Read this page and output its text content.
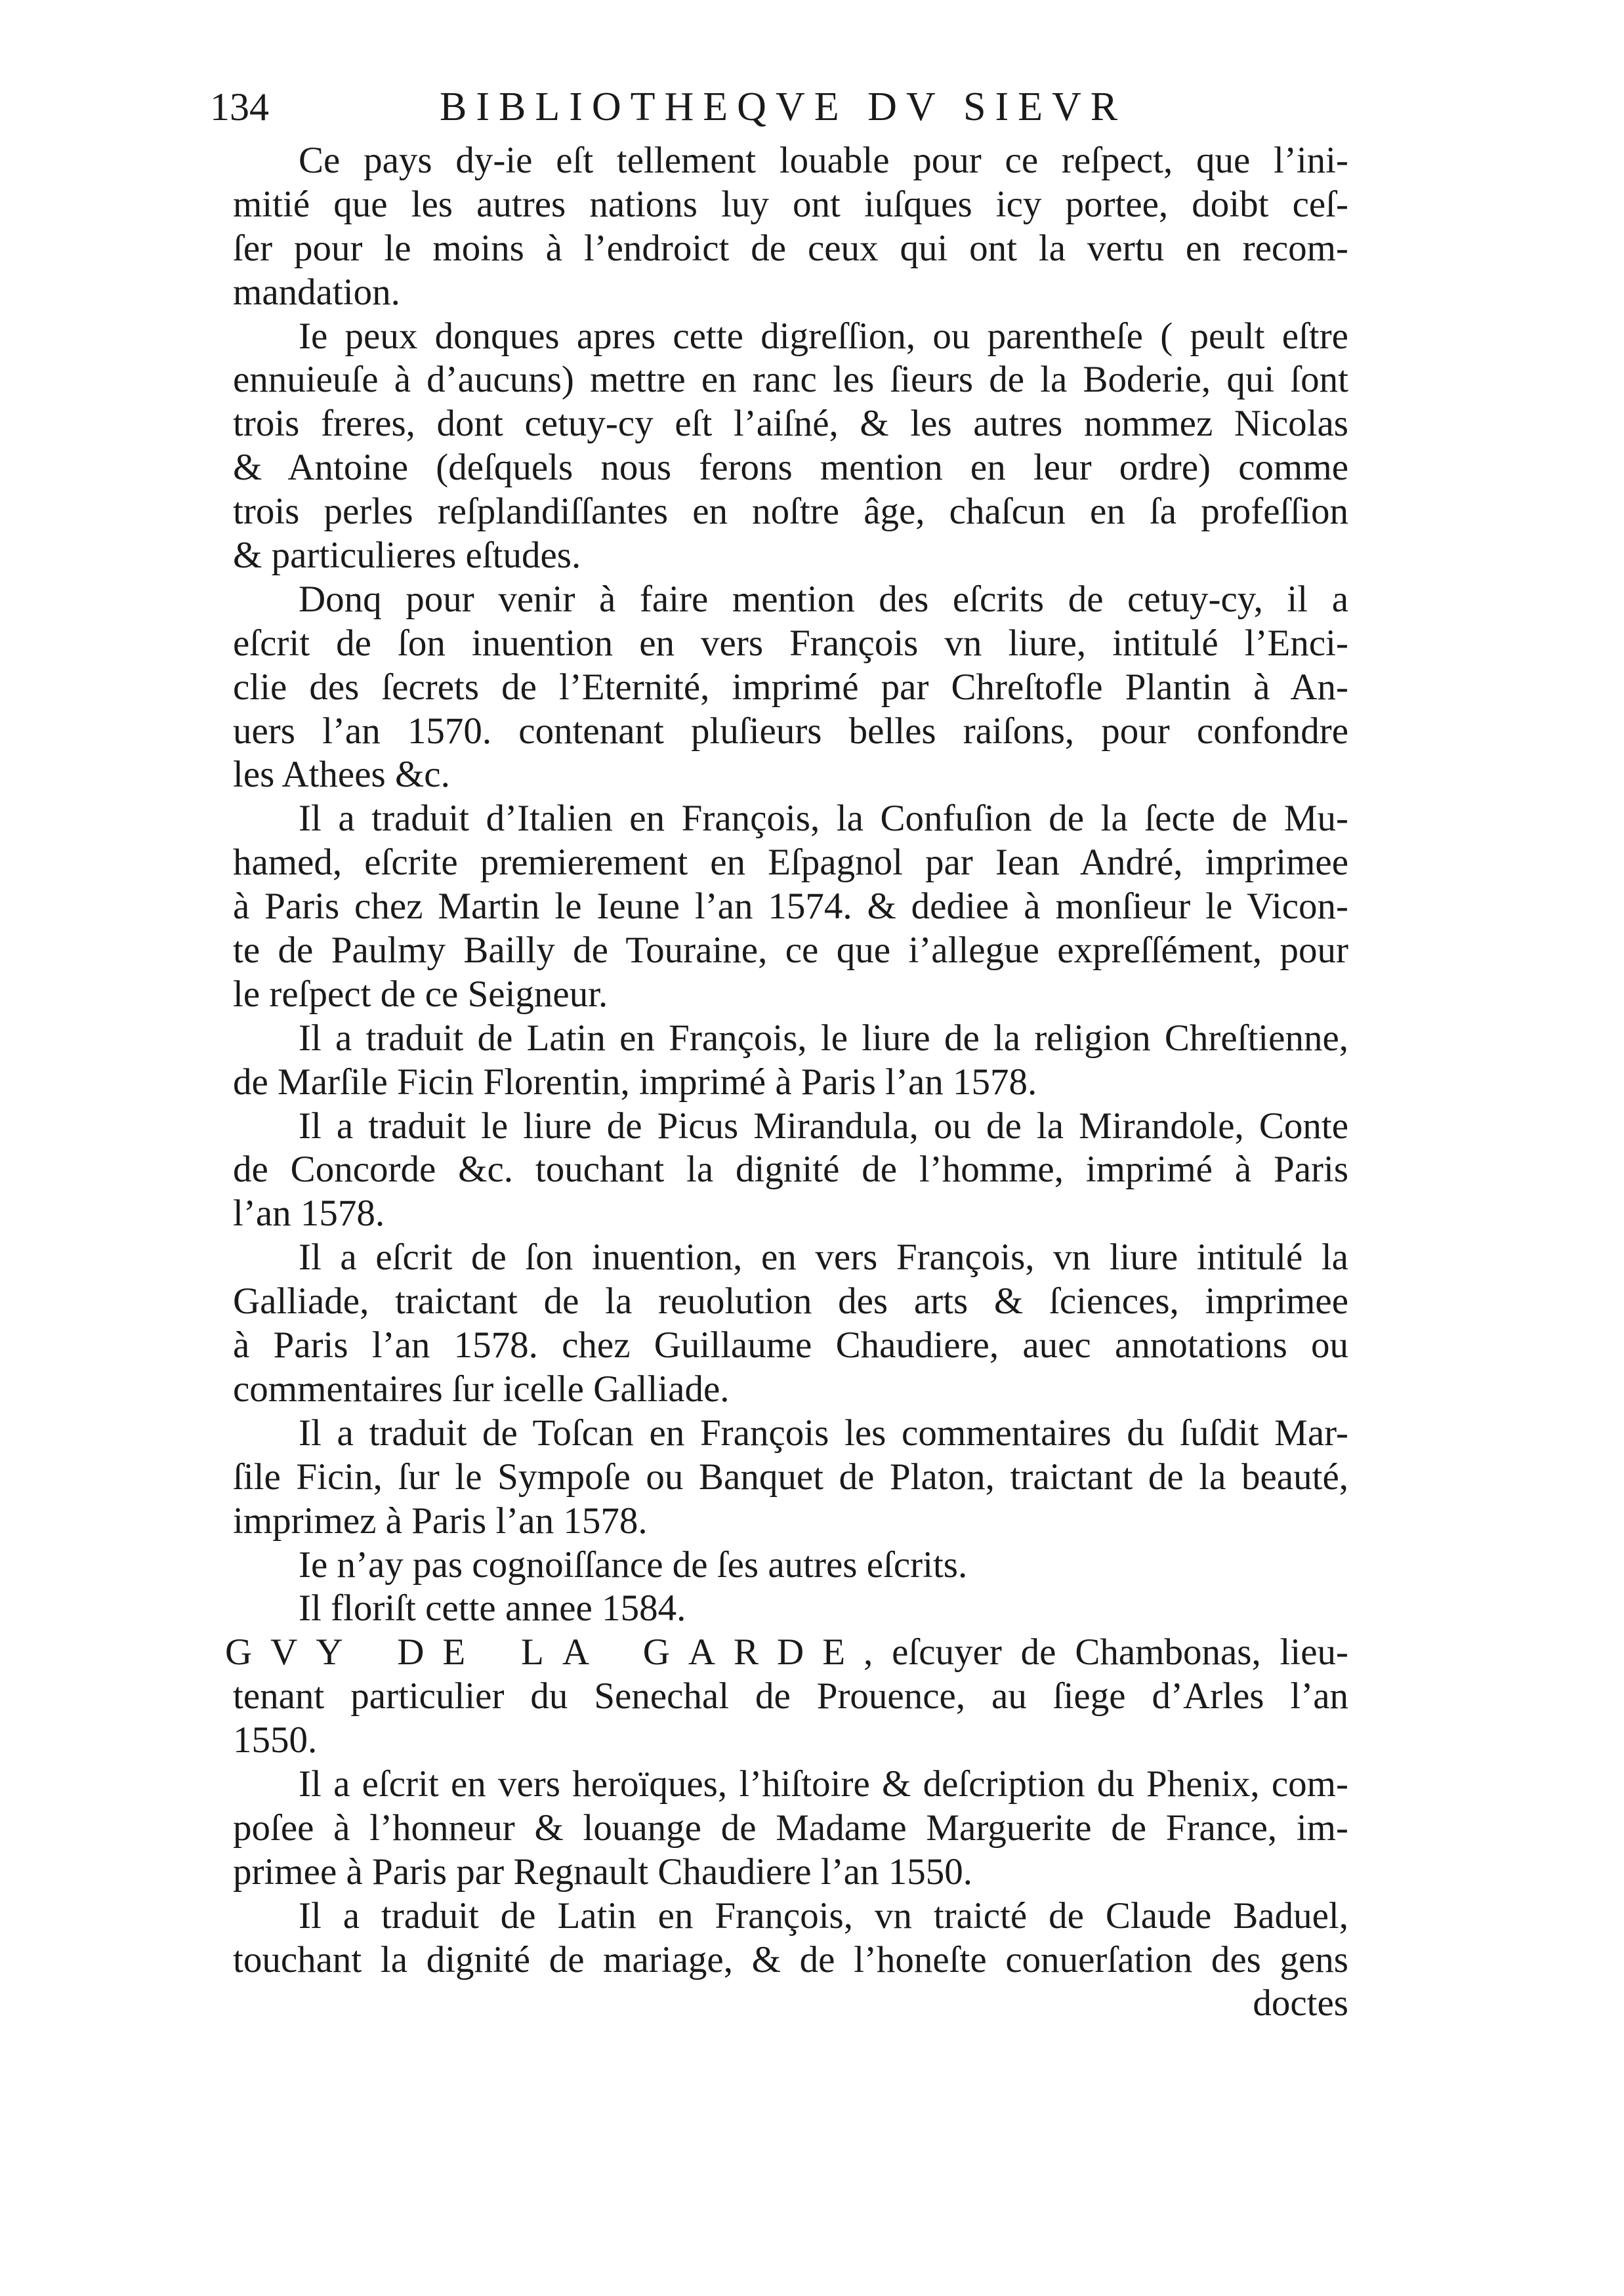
134	BIBLIOTHEQVE DV SIEVR
Ce pays dy-ie eſt tellement louable pour ce reſpect, que l’ini-
mitié que les autres nations luy ont iuſques icy portee, doibt ceſ-
ſer pour le moins à l’endroict de ceux qui ont la vertu en recom-
mandation.
Ie peux donques apres cette digreſſion, ou parentheſe ( peult eſtre
ennuieuſe à d’aucuns) mettre en ranc les ſieurs de la Boderie, qui ſont
trois freres, dont cetuy-cy eſt l’aiſné, & les autres nommez Nicolas
& Antoine (deſquels nous ferons mention en leur ordre) comme
trois perles reſplandiſſantes en noſtre âge, chaſcun en ſa profeſſion
& particulieres eſtudes.
Donq pour venir à faire mention des eſcrits de cetuy-cy, il a
eſcrit de ſon inuention en vers François vn liure, intitulé l’Enci-
clie des ſecrets de l’Eternité, imprimé par Chreſtofle Plantin à An-
uers l’an 1570. contenant pluſieurs belles raiſons, pour confondre
les Athees &c.
Il a traduit d’Italien en François, la Confuſion de la ſecte de Mu-
hamed, eſcrite premierement en Eſpagnol par Iean André, imprimee
à Paris chez Martin le Ieune l’an 1574. & dediee à monſieur le Vicon-
te de Paulmy Bailly de Touraine, ce que i’allegue expreſſément, pour
le reſpect de ce Seigneur.
Il a traduit de Latin en François, le liure de la religion Chreſtienne,
de Marſile Ficin Florentin, imprimé à Paris l’an 1578.
Il a traduit le liure de Picus Mirandula, ou de la Mirandole, Conte
de Concorde &c. touchant la dignité de l’homme, imprimé à Paris
l’an 1578.
Il a eſcrit de ſon inuention, en vers François, vn liure intitulé la
Galliade, traictant de la reuolution des arts & ſciences, imprimee
à Paris l’an 1578. chez Guillaume Chaudiere, auec annotations ou
commentaires ſur icelle Galliade.
Il a traduit de Toſcan en François les commentaires du ſuſdit Mar-
ſile Ficin, ſur le Sympoſe ou Banquet de Platon, traictant de la beauté,
imprimez à Paris l’an 1578.
Ie n’ay pas cognoiſſance de ſes autres eſcrits.
Il floriſt cette annee 1584.
GVY DE LA GARDE, eſcuyer de Chambonas, lieu-
tenant particulier du Senechal de Prouence, au ſiege d’Arles l’an
1550.
Il a eſcrit en vers heroïques, l’hiſtoire & deſcription du Phenix, com-
poſee à l’honneur & louange de Madame Marguerite de France, im-
primee à Paris par Regnault Chaudiere l’an 1550.
Il a traduit de Latin en François, vn traicté de Claude Baduel,
touchant la dignité de mariage, & de l’honeſte conuerſation des gens
doctes
